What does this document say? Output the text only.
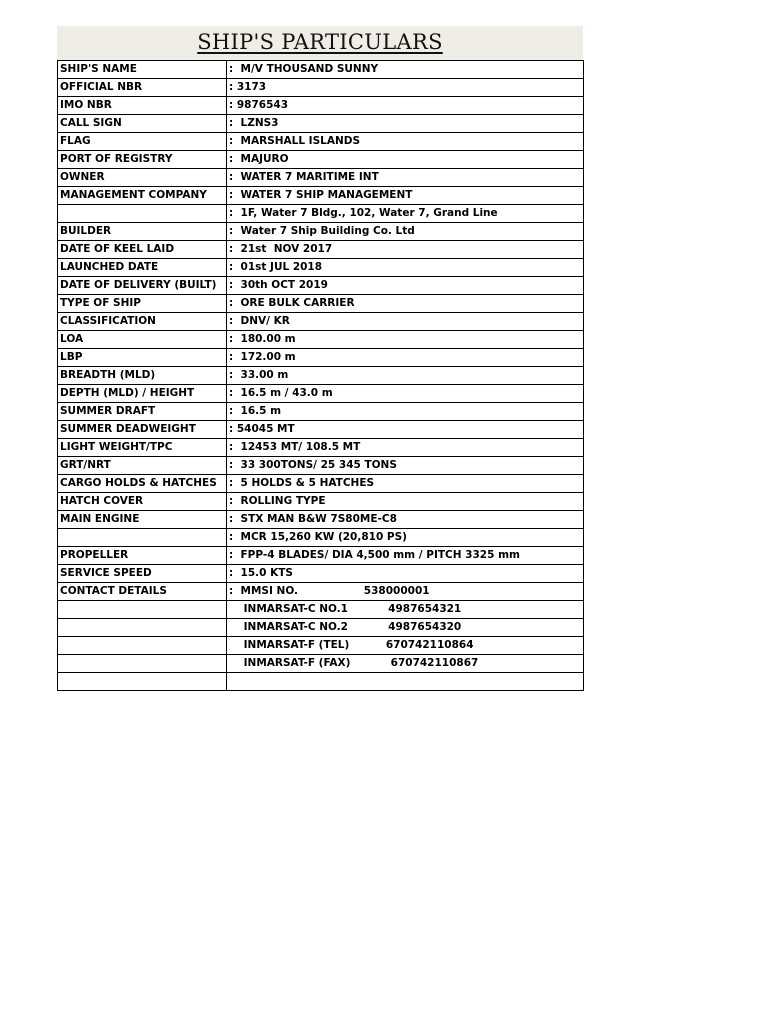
SHIP'S PARTICULARS
SHIP'S NAME	:  M/V THOUSAND SUNNY
OFFICIAL NBR	: 3173
IMO NBR	: 9876543
CALL SIGN	:  LZNS3
FLAG	:  MARSHALL ISLANDS
PORT OF REGISTRY	:  MAJURO
OWNER	:  WATER 7 MARITIME INT
MANAGEMENT COMPANY	:  WATER 7 SHIP MANAGEMENT
	:  1F, Water 7 Bldg., 102, Water 7, Grand Line
BUILDER	:  Water 7 Ship Building Co. Ltd
DATE OF KEEL LAID	:  21st  NOV 2017
LAUNCHED DATE	:  01st JUL 2018
DATE OF DELIVERY (BUILT)	:  30th OCT 2019
TYPE OF SHIP	:  ORE BULK CARRIER
CLASSIFICATION	:  DNV/ KR
LOA	:  180.00 m
LBP	:  172.00 m
BREADTH (MLD)	:  33.00 m
DEPTH (MLD) / HEIGHT	:  16.5 m / 43.0 m
SUMMER DRAFT	:  16.5 m
SUMMER DEADWEIGHT	: 54045 MT
LIGHT WEIGHT/TPC	:  12453 MT/ 108.5 MT
GRT/NRT	:  33 300TONS/ 25 345 TONS
CARGO HOLDS & HATCHES	:  5 HOLDS & 5 HATCHES
HATCH COVER	:  ROLLING TYPE
MAIN ENGINE	:  STX MAN B&W 7S80ME-C8
	:  MCR 15,260 KW (20,810 PS)
PROPELLER	:  FPP-4 BLADES/ DIA 4,500 mm / PITCH 3325 mm
SERVICE SPEED	:  15.0 KTS
CONTACT DETAILS	:  MMSI NO.                  538000001
	INMARSAT-C NO.1           4987654321
	INMARSAT-C NO.2           4987654320
	INMARSAT-F (TEL)          670742110864
	INMARSAT-F (FAX)           670742110867
